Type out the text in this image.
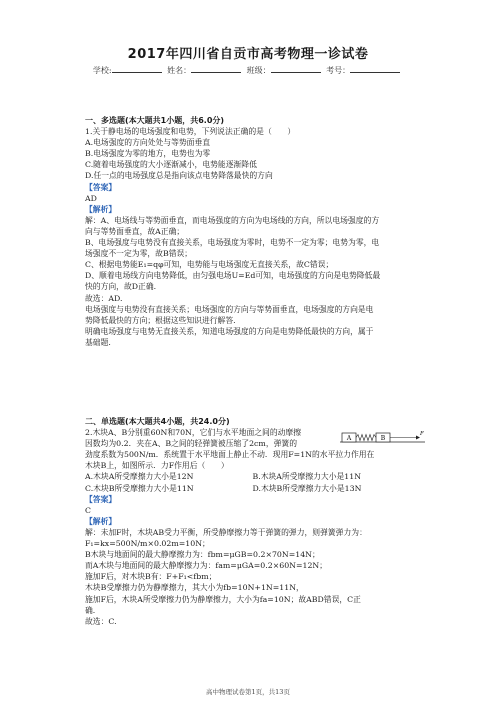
2017年四川省自贡市高考物理一诊试卷
学校:	姓名：	班级：	考号：

一、多选题(本大题共1小题，共6.0分)

1.关于静电场的电场强度和电势，下列说法正确的是（　　）

A.电场强度的方向处处与等势面垂直

B.电场强度为零的地方，电势也为零

C.随着电场强度的大小逐渐减小，电势能逐渐降低

D.任一点的电场强度总是指向该点电势降落最快的方向

【答案】

AD

【解析】

解：A、电场线与等势面垂直，而电场强度的方向为电场线的方向，所以电场强度的方

向与等势面垂直，故A正确；

B、电场强度与电势没有直接关系，电场强度为零时，电势不一定为零；电势为零，电

场强度不一定为零，故B错误；

C、根据电势能E₁=qφ可知，电势能与电场强度无直接关系，故C错误；

D、顺着电场线方向电势降低，由匀强电场U=Ed可知，电场强度的方向是电势降低最

快的方向，故D正确.

故选：AD.

电场强度与电势没有直接关系；电场强度的方向与等势面垂直，电场强度的方向是电

势降低最快的方向；根据这些知识进行解答.

明确电场强度与电势无直接关系，知道电场强度的方向是电势降低最快的方向，属于

基础题.

二、单选题(本大题共4小题，共24.0分)

2.木块A、B分别重60N和70N，它们与水平地面之间的动摩擦

因数均为0.2．夹在A、B之间的轻弹簧被压缩了2cm，弹簧的

劲度系数为500N/m．系统置于水平地面上静止不动．现用F=1N的水平拉力作用在

木块B上，如图所示．力F作用后（　　）

A.木块A所受摩擦力大小是12N	B.木块A所受摩擦力大小是11N
C.木块B所受摩擦力大小是11N	D.木块B所受摩擦力大小是13N

【答案】

C

【解析】

解：未加F时，木块AB受力平衡，所受静摩擦力等于弹簧的弹力，则弹簧弹力为：

F₁=kx=500N/m×0.02m=10N；

B木块与地面间的最大静摩擦力为：fbm=μGB=0.2×70N=14N；

而A木块与地面间的最大静摩擦力为：fam=μGA=0.2×60N=12N；

施加F后，对木块B有：F+F₁<fbm；

木块B受摩擦力仍为静摩擦力，其大小为fb=10N+1N=11N，

施加F后，木块A所受摩擦力仍为静摩擦力，大小为fa=10N；故ABD错误，C正

确.

故选：C.

A	B
F
高中物理试卷第1页，共13页
